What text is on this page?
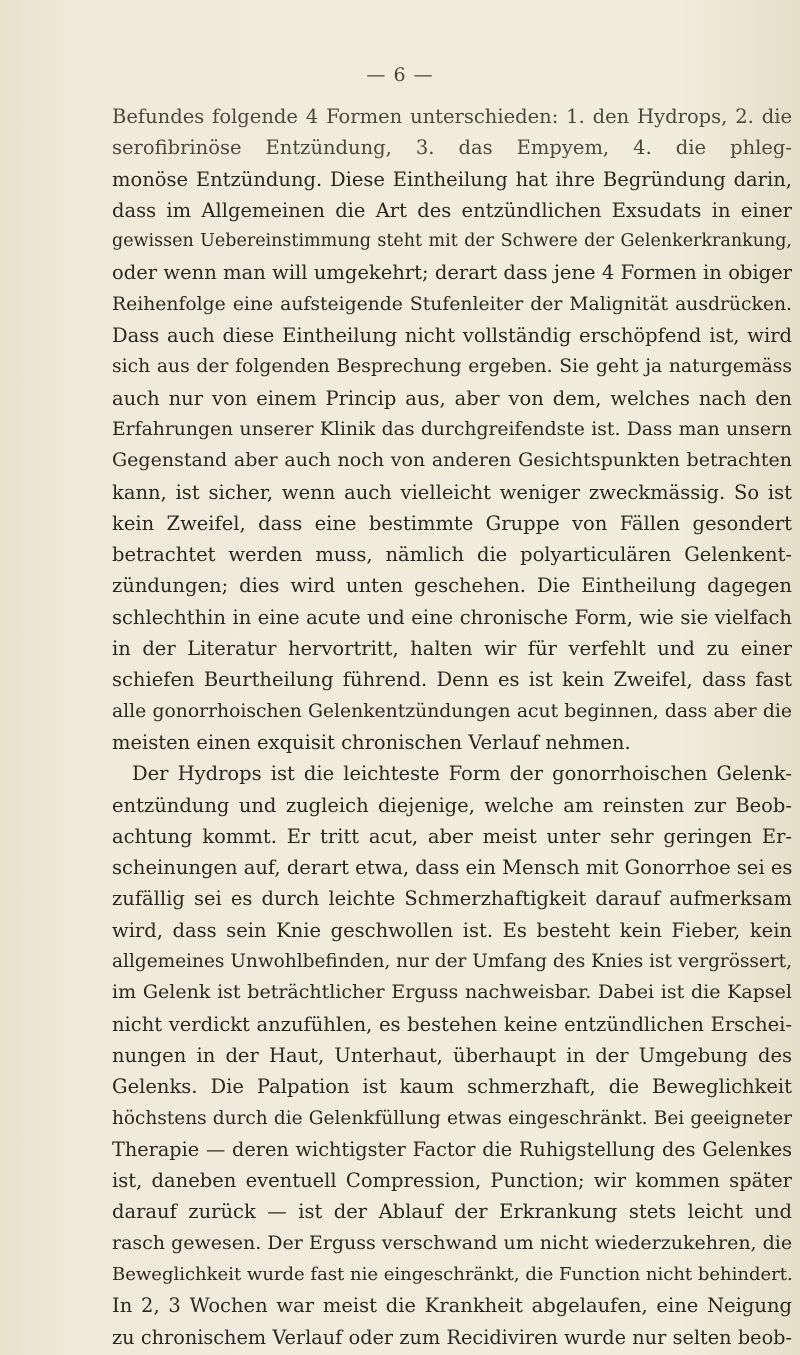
— 6 —
Befundes folgende 4 Formen unterschieden: 1. den Hydrops, 2. die
serofibrinöse Entzündung, 3. das Empyem, 4. die phleg-
monöse Entzündung. Diese Eintheilung hat ihre Begründung darin,
dass im Allgemeinen die Art des entzündlichen Exsudats in einer
gewissen Uebereinstimmung steht mit der Schwere der Gelenkerkrankung,
oder wenn man will umgekehrt; derart dass jene 4 Formen in obiger
Reihenfolge eine aufsteigende Stufenleiter der Malignität ausdrücken.
Dass auch diese Eintheilung nicht vollständig erschöpfend ist, wird
sich aus der folgenden Besprechung ergeben. Sie geht ja naturgemäss
auch nur von einem Princip aus, aber von dem, welches nach den
Erfahrungen unserer Klinik das durchgreifendste ist. Dass man unsern
Gegenstand aber auch noch von anderen Gesichtspunkten betrachten
kann, ist sicher, wenn auch vielleicht weniger zweckmässig. So ist
kein Zweifel, dass eine bestimmte Gruppe von Fällen gesondert
betrachtet werden muss, nämlich die polyarticulären Gelenkent-
zündungen; dies wird unten geschehen. Die Eintheilung dagegen
schlechthin in eine acute und eine chronische Form, wie sie vielfach
in der Literatur hervortritt, halten wir für verfehlt und zu einer
schiefen Beurtheilung führend. Denn es ist kein Zweifel, dass fast
alle gonorrhoischen Gelenkentzündungen acut beginnen, dass aber die
meisten einen exquisit chronischen Verlauf nehmen.
Der Hydrops ist die leichteste Form der gonorrhoischen Gelenk-
entzündung und zugleich diejenige, welche am reinsten zur Beob-
achtung kommt. Er tritt acut, aber meist unter sehr geringen Er-
scheinungen auf, derart etwa, dass ein Mensch mit Gonorrhoe sei es
zufällig sei es durch leichte Schmerzhaftigkeit darauf aufmerksam
wird, dass sein Knie geschwollen ist. Es besteht kein Fieber, kein
allgemeines Unwohlbefinden, nur der Umfang des Knies ist vergrössert,
im Gelenk ist beträchtlicher Erguss nachweisbar. Dabei ist die Kapsel
nicht verdickt anzufühlen, es bestehen keine entzündlichen Erschei-
nungen in der Haut, Unterhaut, überhaupt in der Umgebung des
Gelenks. Die Palpation ist kaum schmerzhaft, die Beweglichkeit
höchstens durch die Gelenkfüllung etwas eingeschränkt. Bei geeigneter
Therapie — deren wichtigster Factor die Ruhigstellung des Gelenkes
ist, daneben eventuell Compression, Punction; wir kommen später
darauf zurück — ist der Ablauf der Erkrankung stets leicht und
rasch gewesen. Der Erguss verschwand um nicht wiederzukehren, die
Beweglichkeit wurde fast nie eingeschränkt, die Function nicht behindert.
In 2, 3 Wochen war meist die Krankheit abgelaufen, eine Neigung
zu chronischem Verlauf oder zum Recidiviren wurde nur selten beob-
